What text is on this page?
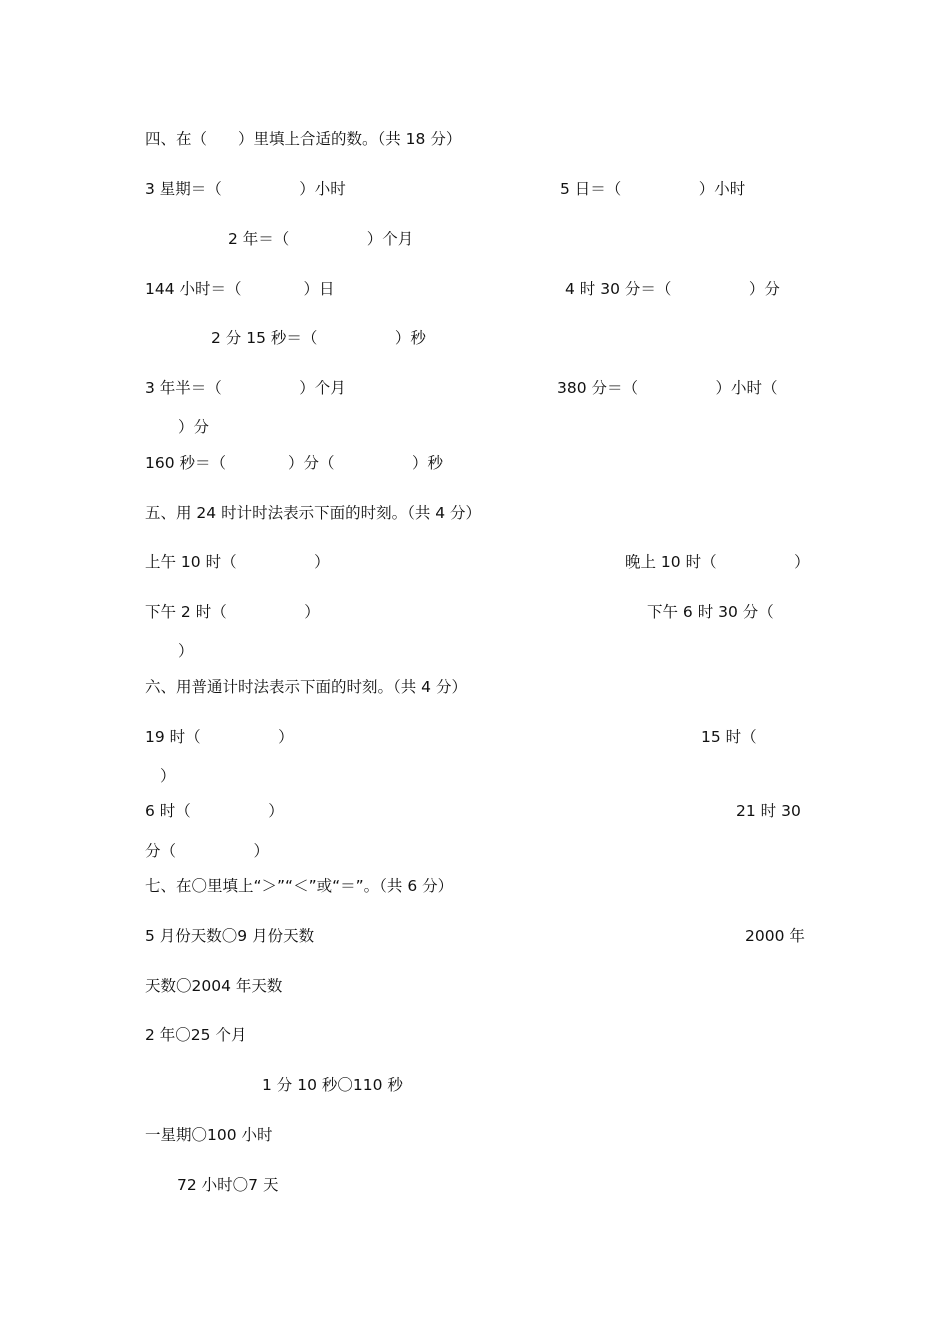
四、在（　　）里填上合适的数。（共 18 分）
3 星期＝（　　　　　）小时	5 日＝（　　　　　）小时
2 年＝（　　　　　）个月
144 小时＝（　　　　）日	4 时 30 分＝（　　　　　）分
2 分 15 秒＝（　　　　　）秒
3 年半＝（　　　　　）个月	380 分＝（　　　　　）小时（
）分
160 秒＝（　　　　）分（　　　　　）秒
五、用 24 时计时法表示下面的时刻。（共 4 分）
上午 10 时（　　　　　）	晚上 10 时（　　　　　）
下午 2 时（　　　　　）	下午 6 时 30 分（
）
六、用普通计时法表示下面的时刻。（共 4 分）
19 时（　　　　　）	15 时（
）
6 时（　　　　　）	21 时 30
分（　　　　　）
七、在〇里填上“＞”“＜”或“＝”。（共 6 分）
5 月份天数〇9 月份天数	2000 年
天数〇2004 年天数
2 年〇25 个月
1 分 10 秒〇110 秒
一星期〇100 小时
72 小时〇7 天
